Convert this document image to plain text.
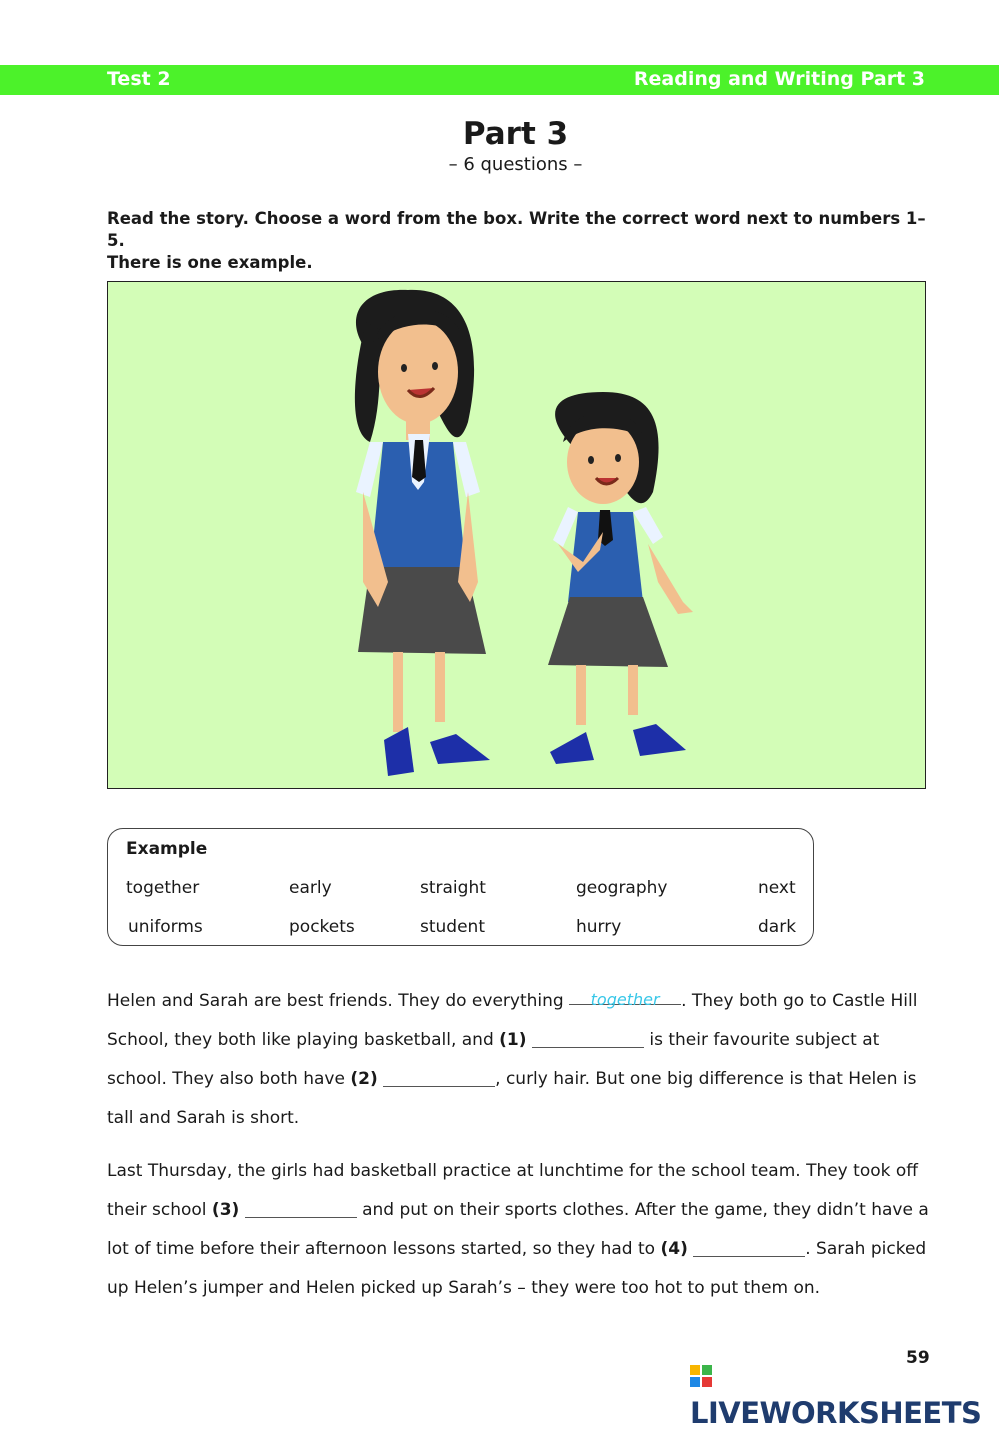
Test 2	Reading and Writing Part 3
Part 3
– 6 questions –
Read the story. Choose a word from the box. Write the correct word next to numbers 1–5.
There is one example.
Example
together	early	straight	geography	next
uniforms	pockets	student	hurry	dark

Helen and Sarah are best friends. They do everything together . They both go to Castle Hill School, they both like playing basketball, and (1)	is their favourite subject at school. They also both have (2)	, curly hair. But one big difference is that Helen is tall and Sarah is short.

Last Thursday, the girls had basketball practice at lunchtime for the school team. They took off their school (3)	and put on their sports clothes. After the game, they didn’t have a lot of time before their afternoon lessons started, so they had to (4)	. Sarah picked up Helen’s jumper and Helen picked up Sarah’s – they were too hot to put them on.

59
LIVEWORKSHEETS
